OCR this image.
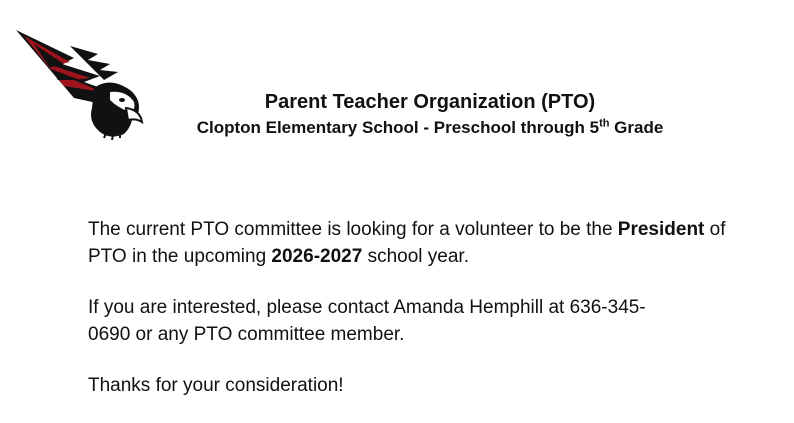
Parent Teacher Organization (PTO)

Clopton Elementary School - Preschool through 5th Grade

The current PTO committee is looking for a volunteer to be the President of PTO in the upcoming 2026-2027 school year.

If you are interested, please contact Amanda Hemphill at 636-345-
0690 or any PTO committee member.

Thanks for your consideration!
